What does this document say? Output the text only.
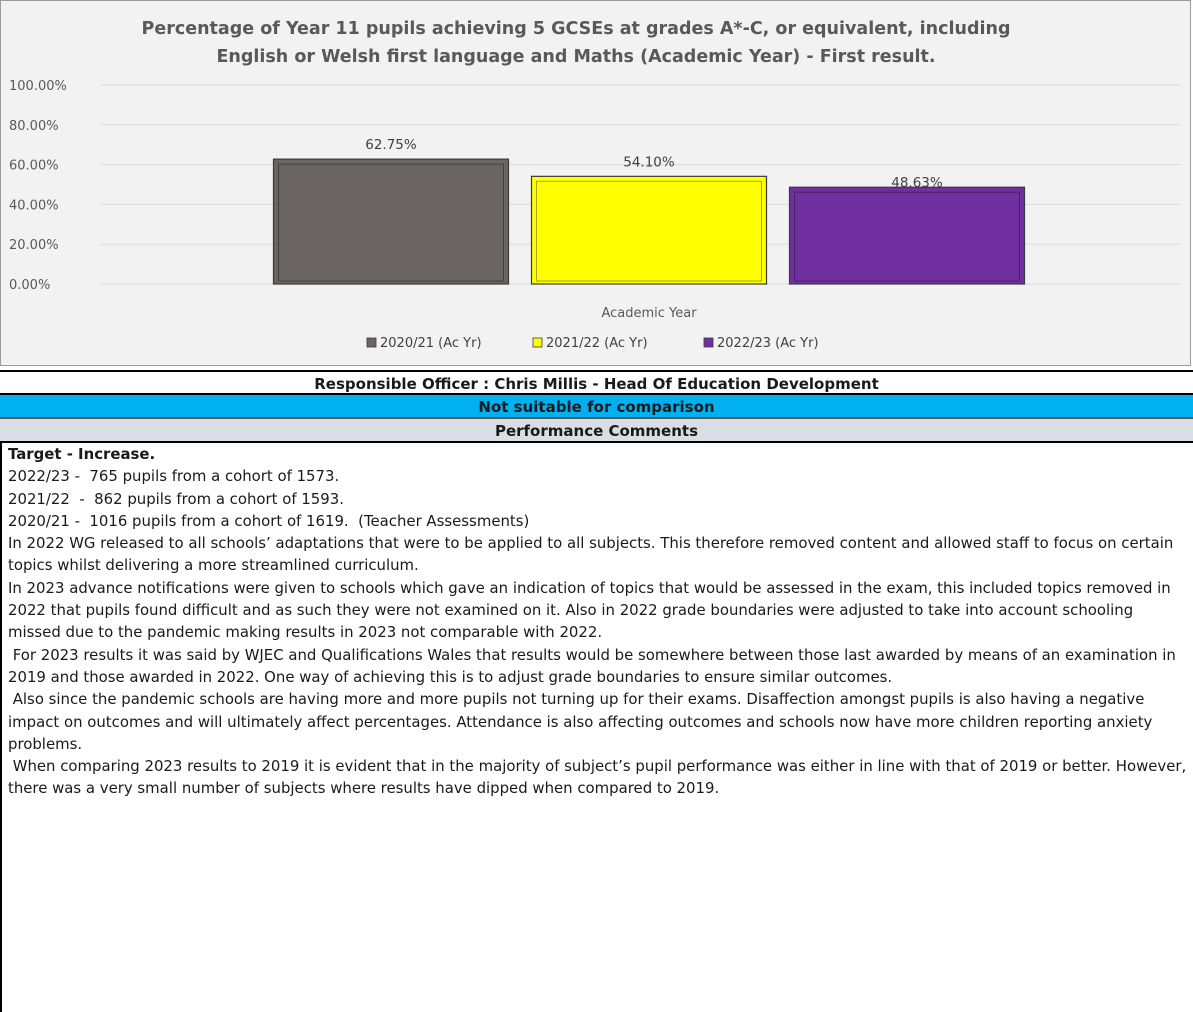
Percentage of Year 11 pupils achieving 5 GCSEs at grades A*-C, or equivalent, including
English or Welsh first language and Maths (Academic Year) - First result.
100.00%
80.00%
60.00%
40.00%
20.00%
0.00%
62.75%
54.10%
48.63%
Academic Year
2020/21 (Ac Yr)	2021/22 (Ac Yr)	2022/23 (Ac Yr)
Responsible Officer : Chris Millis - Head Of Education Development
Not suitable for comparison
Performance Comments

Target - Increase.

2022/23 -  765 pupils from a cohort of 1573.

2021/22  -  862 pupils from a cohort of 1593.

2020/21 -  1016 pupils from a cohort of 1619.  (Teacher Assessments)

In 2022 WG released to all schools’ adaptations that were to be applied to all subjects. This therefore removed content and allowed staff to focus on certain topics whilst delivering a more streamlined curriculum.

In 2023 advance notifications were given to schools which gave an indication of topics that would be assessed in the exam, this included topics removed in 2022 that pupils found difficult and as such they were not examined on it. Also in 2022 grade boundaries were adjusted to take into account schooling missed due to the pandemic making results in 2023 not comparable with 2022.

For 2023 results it was said by WJEC and Qualifications Wales that results would be somewhere between those last awarded by means of an examination in 2019 and those awarded in 2022. One way of achieving this is to adjust grade boundaries to ensure similar outcomes.

Also since the pandemic schools are having more and more pupils not turning up for their exams. Disaffection amongst pupils is also having a negative impact on outcomes and will ultimately affect percentages. Attendance is also affecting outcomes and schools now have more children reporting anxiety problems.

When comparing 2023 results to 2019 it is evident that in the majority of subject’s pupil performance was either in line with that of 2019 or better. However, there was a very small number of subjects where results have dipped when compared to 2019.
